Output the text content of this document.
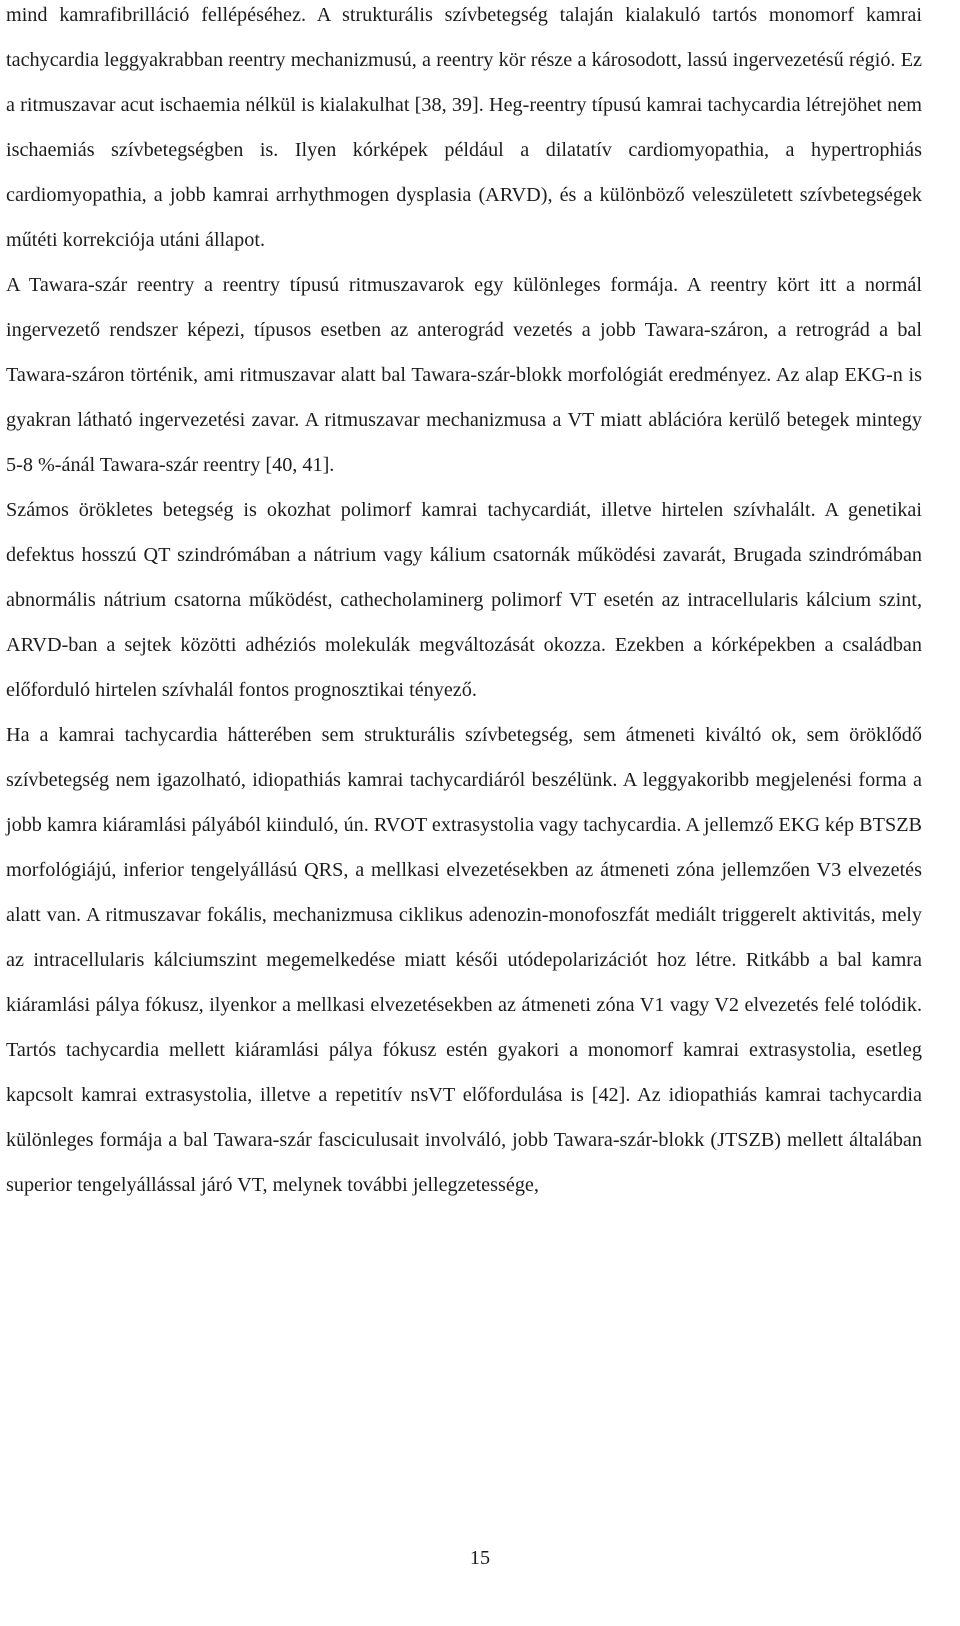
mind kamrafibrilláció fellépéséhez. A strukturális szívbetegség talaján kialakuló tartós monomorf kamrai tachycardia leggyakrabban reentry mechanizmusú, a reentry kör része a károsodott, lassú ingervezetésű régió. Ez a ritmuszavar acut ischaemia nélkül is kialakulhat [38, 39]. Heg-reentry típusú kamrai tachycardia létrejöhet nem ischaemiás szívbetegségben is. Ilyen kórképek például a dilatatív cardiomyopathia, a hypertrophiás cardiomyopathia, a jobb kamrai arrhythmogen dysplasia (ARVD), és a különböző veleszületett szívbetegségek műtéti korrekciója utáni állapot.

A Tawara-szár reentry a reentry típusú ritmuszavarok egy különleges formája. A reentry kört itt a normál ingervezető rendszer képezi, típusos esetben az anterográd vezetés a jobb Tawara-száron, a retrográd a bal Tawara-száron történik, ami ritmuszavar alatt bal Tawara-szár-blokk morfológiát eredményez. Az alap EKG-n is gyakran látható ingervezetési zavar. A ritmuszavar mechanizmusa a VT miatt ablációra kerülő betegek mintegy 5-8 %-ánál Tawara-szár reentry [40, 41].

Számos örökletes betegség is okozhat polimorf kamrai tachycardiát, illetve hirtelen szívhalált. A genetikai defektus hosszú QT szindrómában a nátrium vagy kálium csatornák működési zavarát, Brugada szindrómában abnormális nátrium csatorna működést, cathecholaminerg polimorf VT esetén az intracellularis kálcium szint, ARVD-ban a sejtek közötti adhéziós molekulák megváltozását okozza. Ezekben a kórképekben a családban előforduló hirtelen szívhalál fontos prognosztikai tényező.

Ha a kamrai tachycardia hátterében sem strukturális szívbetegség, sem átmeneti kiváltó ok, sem öröklődő szívbetegség nem igazolható, idiopathiás kamrai tachycardiáról beszélünk. A leggyakoribb megjelenési forma a jobb kamra kiáramlási pályából kiinduló, ún. RVOT extrasystolia vagy tachycardia. A jellemző EKG kép BTSZB morfológiájú, inferior tengelyállású QRS, a mellkasi elvezetésekben az átmeneti zóna jellemzően V3 elvezetés alatt van. A ritmuszavar fokális, mechanizmusa ciklikus adenozin-monofoszfát mediált triggerelt aktivitás, mely az intracellularis kálciumszint megemelkedése miatt késői utódepolarizációt hoz létre. Ritkább a bal kamra kiáramlási pálya fókusz, ilyenkor a mellkasi elvezetésekben az átmeneti zóna V1 vagy V2 elvezetés felé tolódik. Tartós tachycardia mellett kiáramlási pálya fókusz estén gyakori a monomorf kamrai extrasystolia, esetleg kapcsolt kamrai extrasystolia, illetve a repetitív nsVT előfordulása is [42]. Az idiopathiás kamrai tachycardia különleges formája a bal Tawara-szár fasciculusait involváló, jobb Tawara-szár-blokk (JTSZB) mellett általában superior tengelyállással járó VT, melynek további jellegzetessége,

15
